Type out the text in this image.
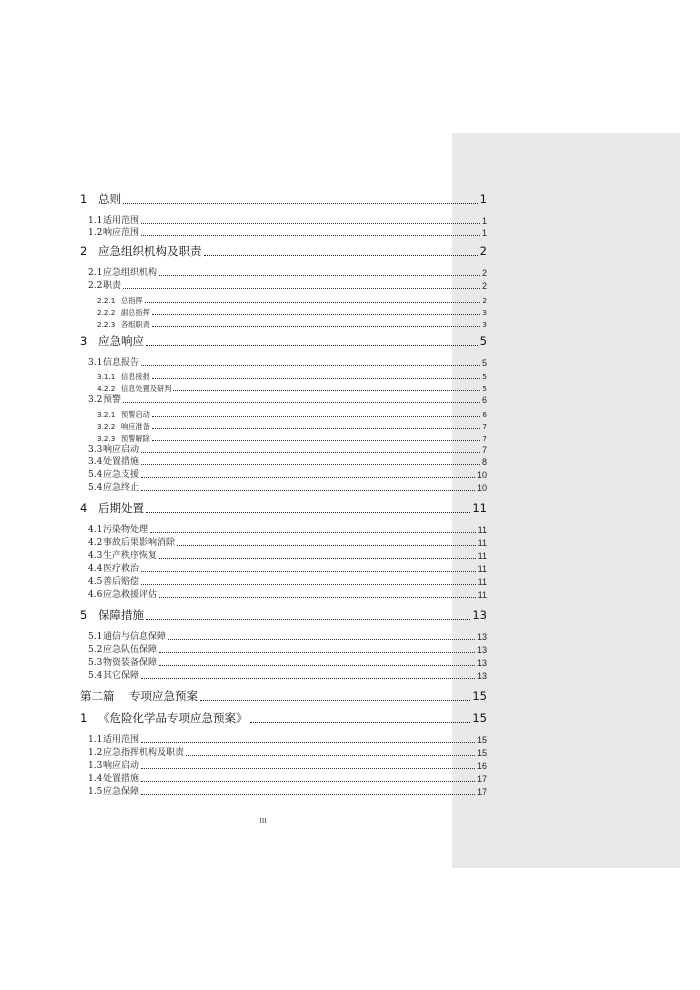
1 总则	1
1.1 适用范围	1
1.2 响应范围	1
2 应急组织机构及职责	2
2.1 应急组织机构	2
2.2 职责	2
2.2.1 总指挥	2
2.2.2 副总指挥	3
2.2.3 各组职责	3
3 应急响应	5
3.1 信息报告	5
3.1.1 信息接报	5
4.2.2 信息处置及研判	5
3.2 预警	6
3.2.1 预警启动	6
3.2.2 响应准备	7
3.2.3 预警解除	7
3.3 响应启动	7
3.4 处置措施	8
5.4 应急支援	10
5.4 应急终止	10
4 后期处置	11
4.1 污染物处理	11
4.2 事故后果影响消除	11
4.3 生产秩序恢复	11
4.4 医疗救治	11
4.5 善后赔偿	11
4.6 应急救援评估	11
5 保障措施	13
5.1 通信与信息保障	13
5.2 应急队伍保障	13
5.3 物资装备保障	13
5.4 其它保障	13
第二篇	专项应急预案	15
1 《危险化学品专项应急预案》	15
1.1 适用范围	15
1.2 应急指挥机构及职责	15
1.3 响应启动	16
1.4 处置措施	17
1.5 应急保障	17
III
